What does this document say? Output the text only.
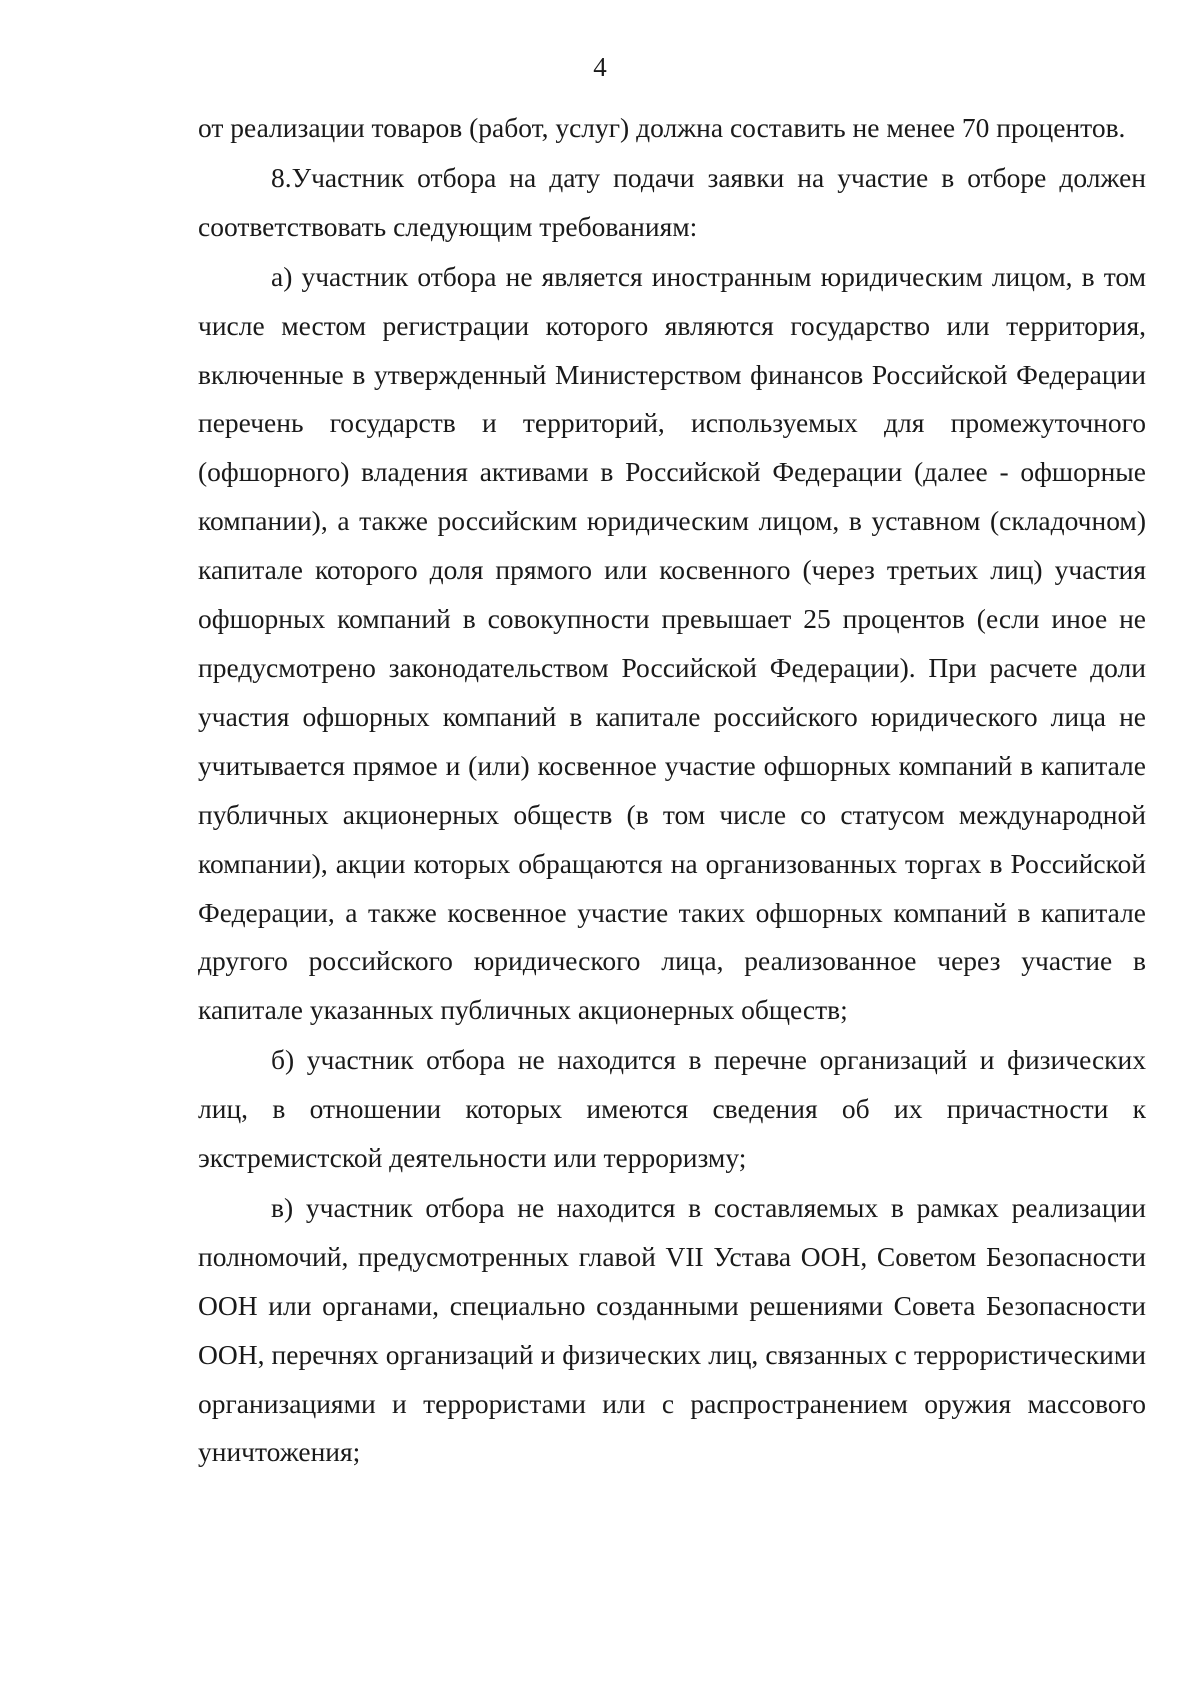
4

от реализации товаров (работ, услуг) должна составить не менее 70 процентов.

8.Участник отбора на дату подачи заявки на участие в отборе должен соответствовать следующим требованиям:

а) участник отбора не является иностранным юридическим лицом, в том числе местом регистрации которого являются государство или территория, включенные в утвержденный Министерством финансов Российской Федерации перечень государств и территорий, используемых для промежуточного (офшорного) владения активами в Российской Федерации (далее - офшорные компании), а также российским юридическим лицом, в уставном (складочном) капитале которого доля прямого или косвенного (через третьих лиц) участия офшорных компаний в совокупности превышает 25 процентов (если иное не предусмотрено законодательством Российской Федерации). При расчете доли участия офшорных компаний в капитале российского юридического лица не учитывается прямое и (или) косвенное участие офшорных компаний в капитале публичных акционерных обществ (в том числе со статусом международной компании), акции которых обращаются на организованных торгах в Российской Федерации, а также косвенное участие таких офшорных компаний в капитале другого российского юридического лица, реализованное через участие в капитале указанных публичных акционерных обществ;

б) участник отбора не находится в перечне организаций и физических лиц, в отношении которых имеются сведения об их причастности к экстремистской деятельности или терроризму;

в) участник отбора не находится в составляемых в рамках реализации полномочий, предусмотренных главой VII Устава ООН, Советом Безопасности ООН или органами, специально созданными решениями Совета Безопасности ООН, перечнях организаций и физических лиц, связанных с террористическими организациями и террористами или с распространением оружия массового уничтожения;
